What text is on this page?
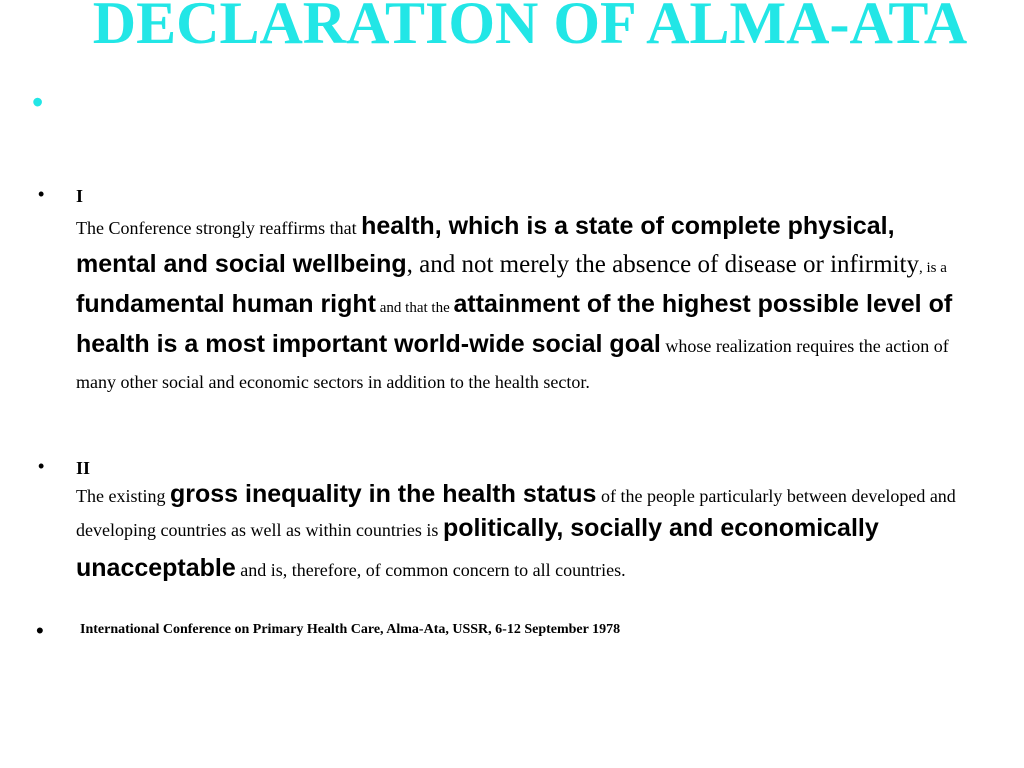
•
DECLARATION OF ALMA-ATA
• I

The Conference strongly reaffirms that health, which is a state of complete physical, mental and social wellbeing, and not merely the absence of disease or infirmity, is a fundamental human right and that the attainment of the highest possible level of health is a most important world-wide social goal whose realization requires the action of many other social and economic sectors in addition to the health sector.

• II

The existing gross inequality in the health status of the people particularly between developed and developing countries as well as within countries is politically, socially and economically unacceptable and is, therefore, of common concern to all countries.

•	International Conference on Primary Health Care, Alma-Ata, USSR, 6-12 September 1978
